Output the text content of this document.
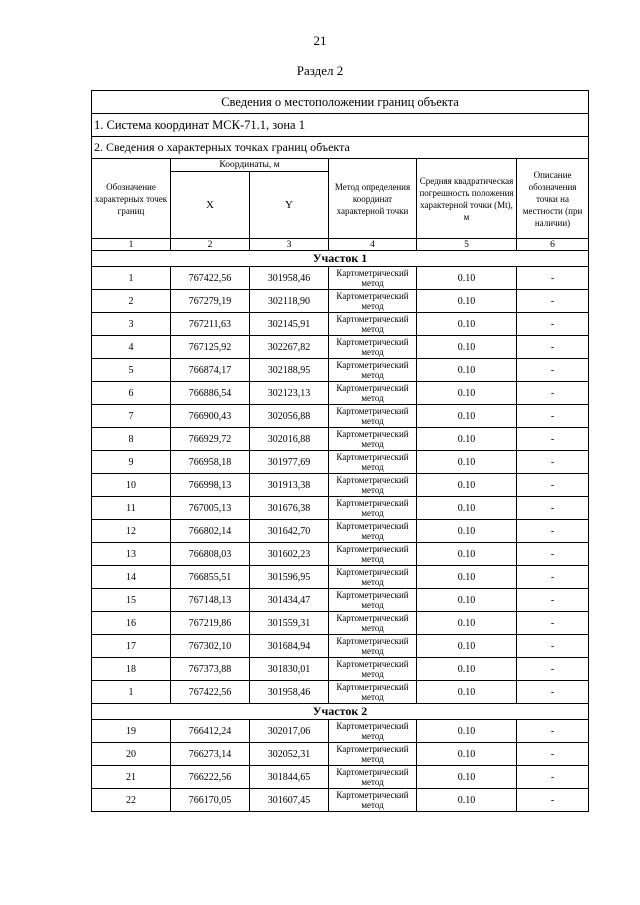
21
Раздел 2
Сведения о местоположении границ объекта					
1. Система координат МСК-71.1, зона 1					
2. Сведения о характерных точках границ объекта					
Обозначение характерных точек границ	Координаты, м		Метод определения координат характерной точки	Средняя квадратическая погрешность положения характерной точки (Mt), м	Описание обозначения точки на местности (при наличии)
	X	Y			
1	2	3	4	5	6
Участок 1					
1	767422,56	301958,46	Картометрический метод	0.10	-
2	767279,19	302118,90	Картометрический метод	0.10	-
3	767211,63	302145,91	Картометрический метод	0.10	-
4	767125,92	302267,82	Картометрический метод	0.10	-
5	766874,17	302188,95	Картометрический метод	0.10	-
6	766886,54	302123,13	Картометрический метод	0.10	-
7	766900,43	302056,88	Картометрический метод	0.10	-
8	766929,72	302016,88	Картометрический метод	0.10	-
9	766958,18	301977,69	Картометрический метод	0.10	-
10	766998,13	301913,38	Картометрический метод	0.10	-
11	767005,13	301676,38	Картометрический метод	0.10	-
12	766802,14	301642,70	Картометрический метод	0.10	-
13	766808,03	301602,23	Картометрический метод	0.10	-
14	766855,51	301596,95	Картометрический метод	0.10	-
15	767148,13	301434,47	Картометрический метод	0.10	-
16	767219,86	301559,31	Картометрический метод	0.10	-
17	767302,10	301684,94	Картометрический метод	0.10	-
18	767373,88	301830,01	Картометрический метод	0.10	-
1	767422,56	301958,46	Картометрический метод	0.10	-
Участок 2					
19	766412,24	302017,06	Картометрический метод	0.10	-
20	766273,14	302052,31	Картометрический метод	0.10	-
21	766222,56	301844,65	Картометрический метод	0.10	-
22	766170,05	301607,45	Картометрический метод	0.10	-
